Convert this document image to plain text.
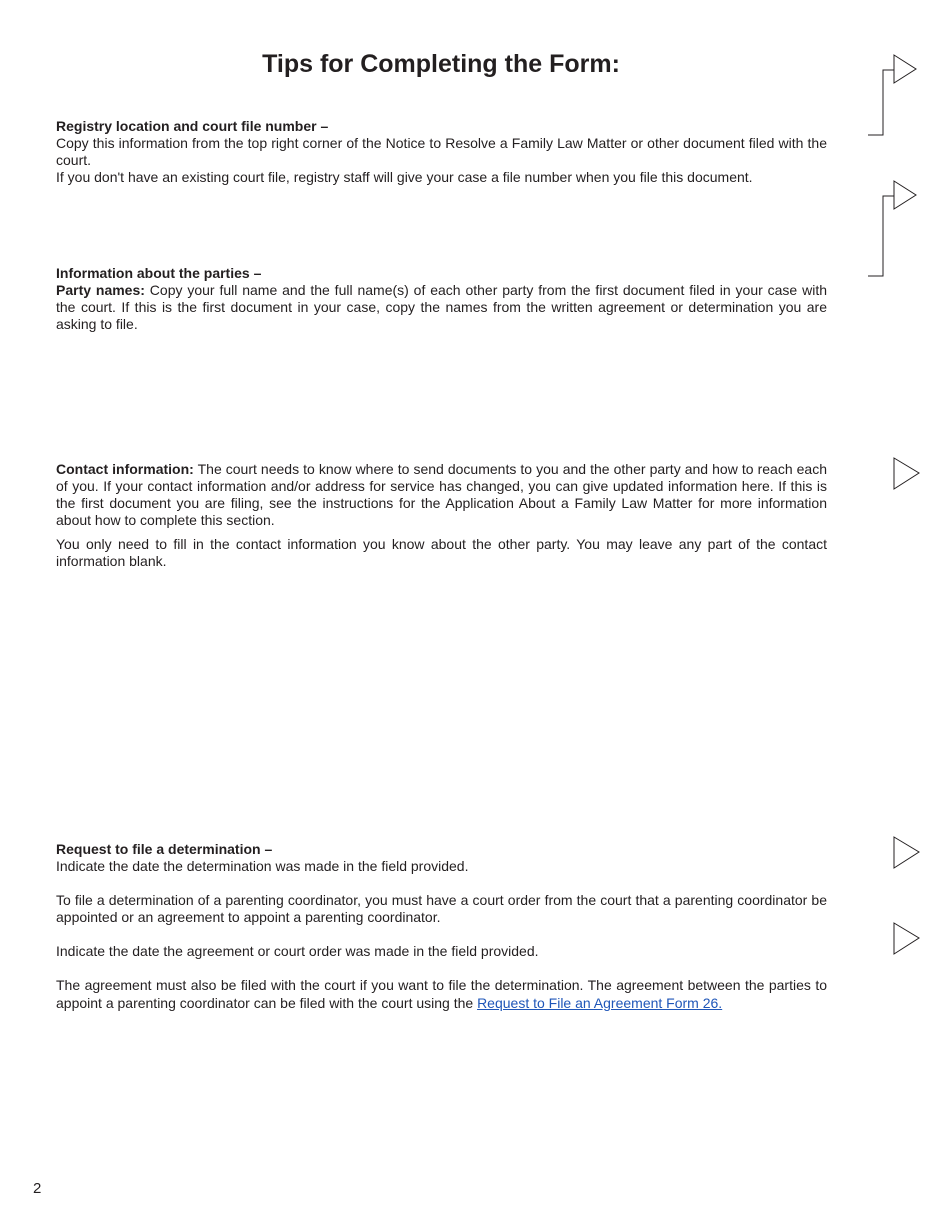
Tips for Completing the Form:

Registry location and court file number –

Copy this information from the top right corner of the Notice to Resolve a Family Law Matter or other document filed with the court.

If you don't have an existing court file, registry staff will give your case a file number when you file this document.

Information about the parties –

Party names: Copy your full name and the full name(s) of each other party from the first document filed in your case with the court. If this is the first document in your case, copy the names from the written agreement or determination you are asking to file.

Contact information: The court needs to know where to send documents to you and the other party and how to reach each of you. If your contact information and/or address for service has changed, you can give updated information here. If this is the first document you are filing, see the instructions for the Application About a Family Law Matter for more information about how to complete this section.

You only need to fill in the contact information you know about the other party. You may leave any part of the contact information blank.

Request to file a determination –

Indicate the date the determination was made in the field provided.

To file a determination of a parenting coordinator, you must have a court order from the court that a parenting coordinator be appointed or an agreement to appoint a parenting coordinator.

Indicate the date the agreement or court order was made in the field provided.

The agreement must also be filed with the court if you want to file the determination. The agreement between the parties to appoint a parenting coordinator can be filed with the court using the Request to File an Agreement Form 26.

2
